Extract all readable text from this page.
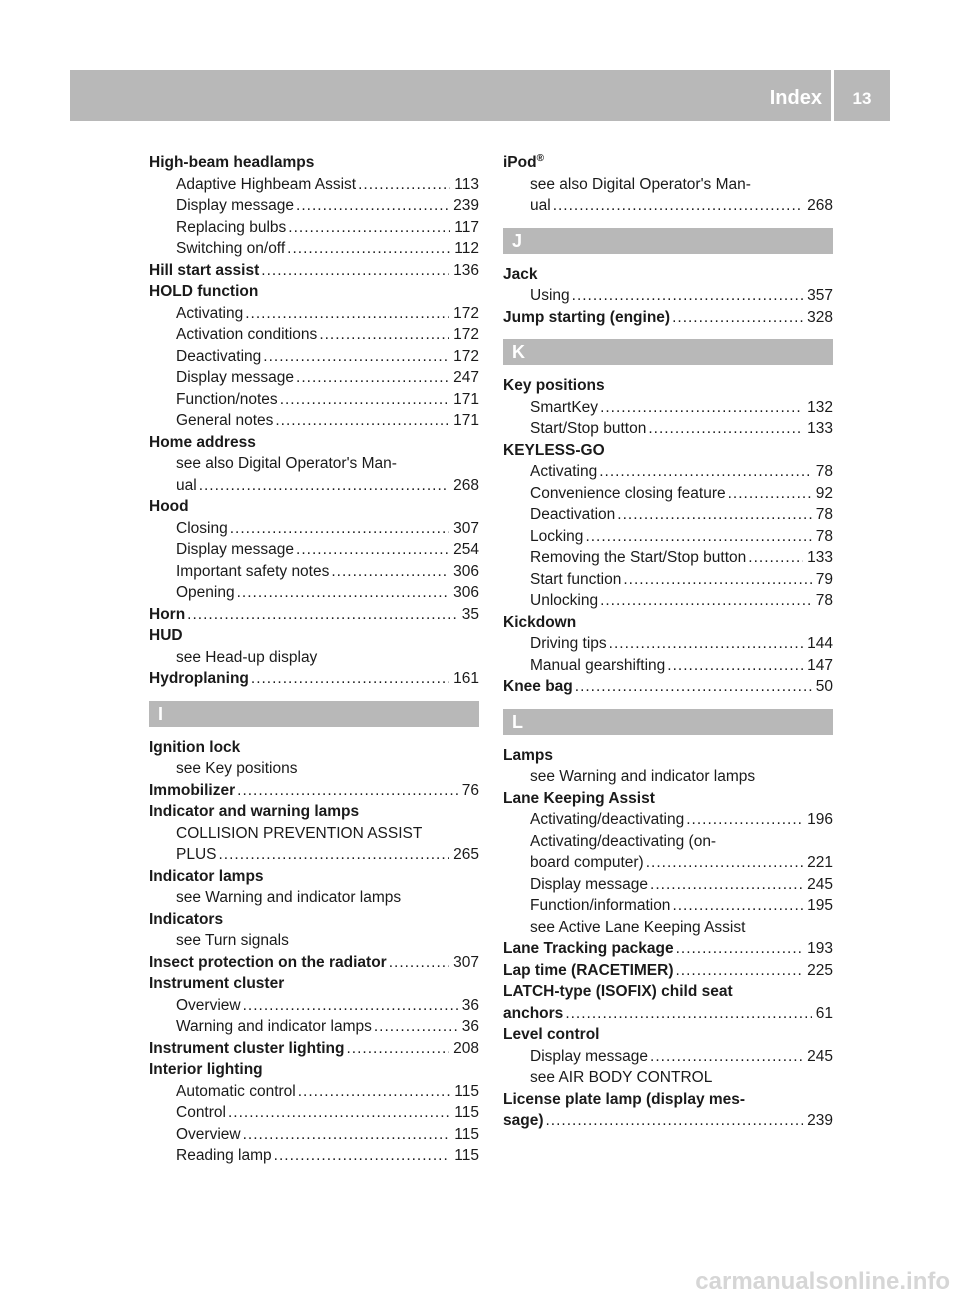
Index	13
High-beam headlamps
Adaptive Highbeam Assist .....	113
Display message .....	239
Replacing bulbs .....	117
Switching on/off .....	112
Hill start assist .....	136
HOLD function
Activating .....	172
Activation conditions .....	172
Deactivating .....	172
Display message .....	247
Function/notes .....	171
General notes .....	171
Home address
see also Digital Operator's Man-
ual .....	268
Hood
Closing .....	307
Display message .....	254
Important safety notes .....	306
Opening .....	306
Horn .....	35
HUD
see Head-up display
Hydroplaning .....	161
I
Ignition lock
see Key positions
Immobilizer .....	76
Indicator and warning lamps
COLLISION PREVENTION ASSIST
PLUS .....	265
Indicator lamps
see Warning and indicator lamps
Indicators
see Turn signals
Insect protection on the radiator .....	307
Instrument cluster
Overview .....	36
Warning and indicator lamps .....	36
Instrument cluster lighting .....	208
Interior lighting
Automatic control .....	115
Control .....	115
Overview .....	115
Reading lamp .....	115
iPod®
see also Digital Operator's Man-
ual .....	268
J
Jack
Using .....	357
Jump starting (engine) .....	328
K
Key positions
SmartKey .....	132
Start/Stop button .....	133
KEYLESS-GO
Activating .....	78
Convenience closing feature .....	92
Deactivation .....	78
Locking .....	78
Removing the Start/Stop button .....	133
Start function .....	79
Unlocking .....	78
Kickdown
Driving tips .....	144
Manual gearshifting .....	147
Knee bag .....	50
L
Lamps
see Warning and indicator lamps
Lane Keeping Assist
Activating/deactivating .....	196
Activating/deactivating (on-
board computer) .....	221
Display message .....	245
Function/information .....	195
see Active Lane Keeping Assist
Lane Tracking package .....	193
Lap time (RACETIMER) .....	225
LATCH-type (ISOFIX) child seat
anchors .....	61
Level control
Display message .....	245
see AIR BODY CONTROL
License plate lamp (display mes-
sage) .....	239
carmanualsonline.info
